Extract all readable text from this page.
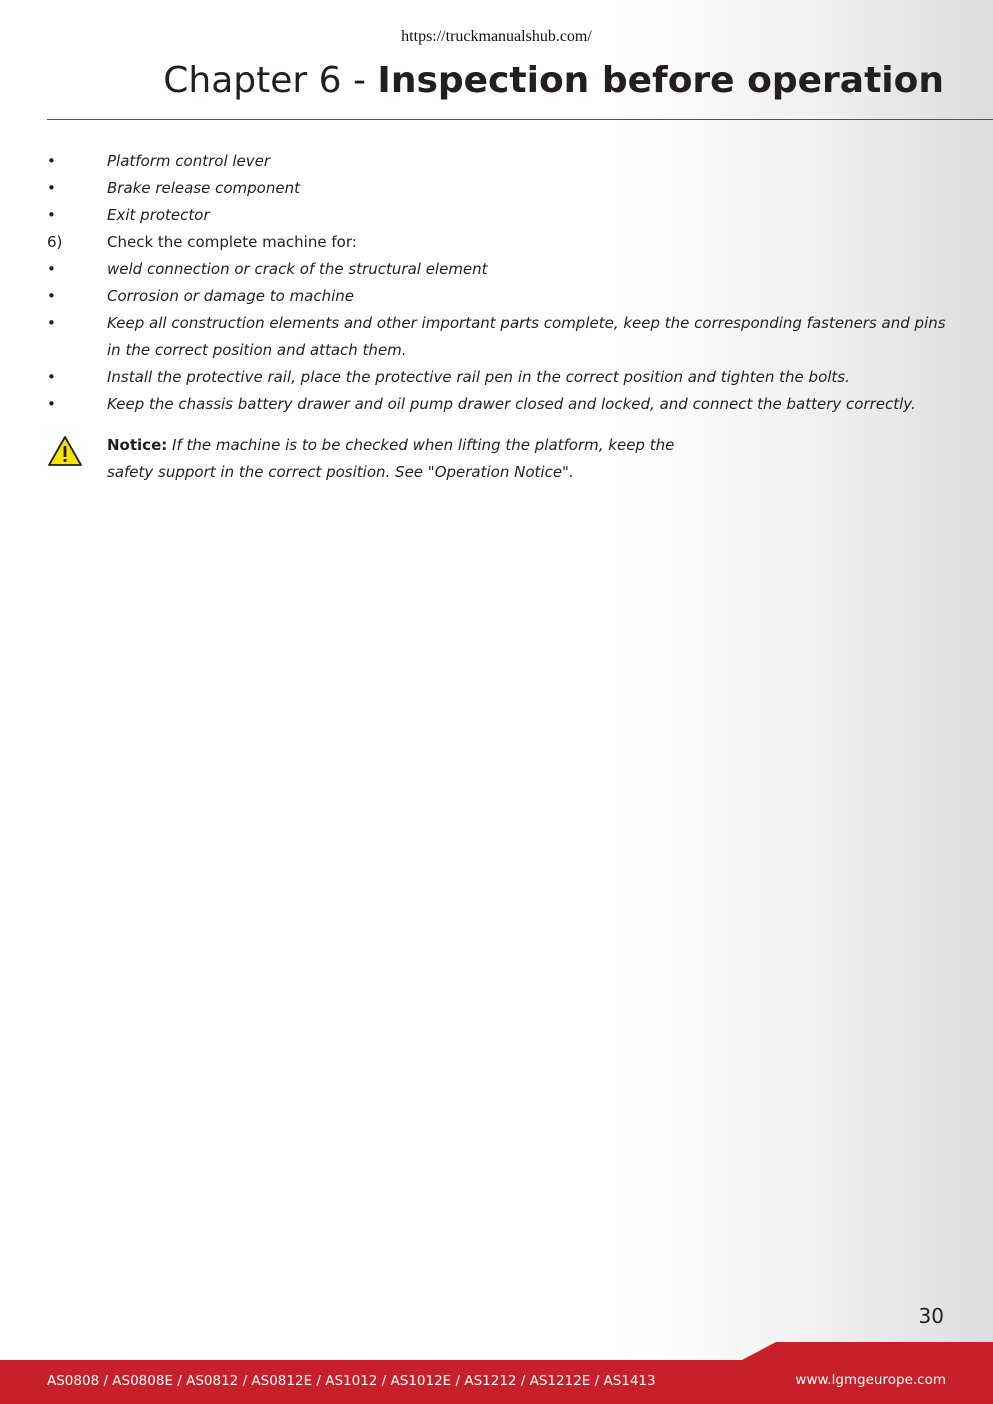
https://truckmanualshub.com/
Chapter 6 - Inspection before operation
•	Platform control lever
•	Brake release component
•	Exit protector
6)	Check the complete machine for:
•	weld connection or crack of the structural element
•	Corrosion or damage to machine
•	Keep all construction elements and other important parts complete, keep the corresponding fasteners and pins in the correct position and attach them.
•	Install the protective rail, place the protective rail pen in the correct position and tighten the bolts.
•	Keep the chassis battery drawer and oil pump drawer closed and locked, and connect the battery correctly.
Notice: If the machine is to be checked when lifting the platform, keep the
safety support in the correct position. See "Operation Notice".
30
AS0808 / AS0808E / AS0812 / AS0812E / AS1012 / AS1012E / AS1212 / AS1212E / AS1413	www.lgmgeurope.com
